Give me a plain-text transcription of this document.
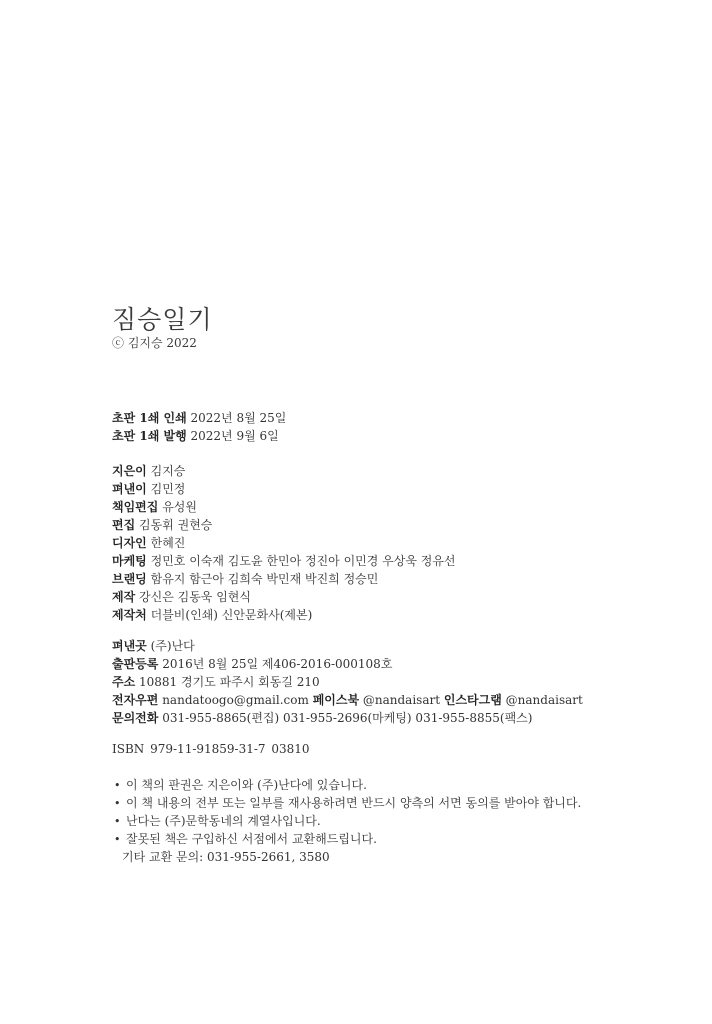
짐승일기
ⓒ 김지승 2022
초판 1쇄 인쇄 2022년 8월 25일
초판 1쇄 발행 2022년 9월 6일
지은이 김지승
펴낸이 김민정
책임편집 유성원
편집 김동휘 권현승
디자인 한혜진
마케팅 정민호 이숙재 김도윤 한민아 정진아 이민경 우상욱 정유선
브랜딩 함유지 함근아 김희숙 박민재 박진희 정승민
제작 강신은 김동욱 임현식
제작처 더블비(인쇄) 신안문화사(제본)
펴낸곳 (주)난다
출판등록 2016년 8월 25일 제406-2016-000108호
주소 10881 경기도 파주시 회동길 210
전자우편 nandatoogo@gmail.com 페이스북 @nandaisart 인스타그램 @nandaisart
문의전화 031-955-8865(편집) 031-955-2696(마케팅) 031-955-8855(팩스)
ISBN 979-11-91859-31-7 03810
• 이 책의 판권은 지은이와 (주)난다에 있습니다.
• 이 책 내용의 전부 또는 일부를 재사용하려면 반드시 양측의 서면 동의를 받아야 합니다.
• 난다는 (주)문학동네의 계열사입니다.
• 잘못된 책은 구입하신 서점에서 교환해드립니다.
기타 교환 문의: 031-955-2661, 3580
